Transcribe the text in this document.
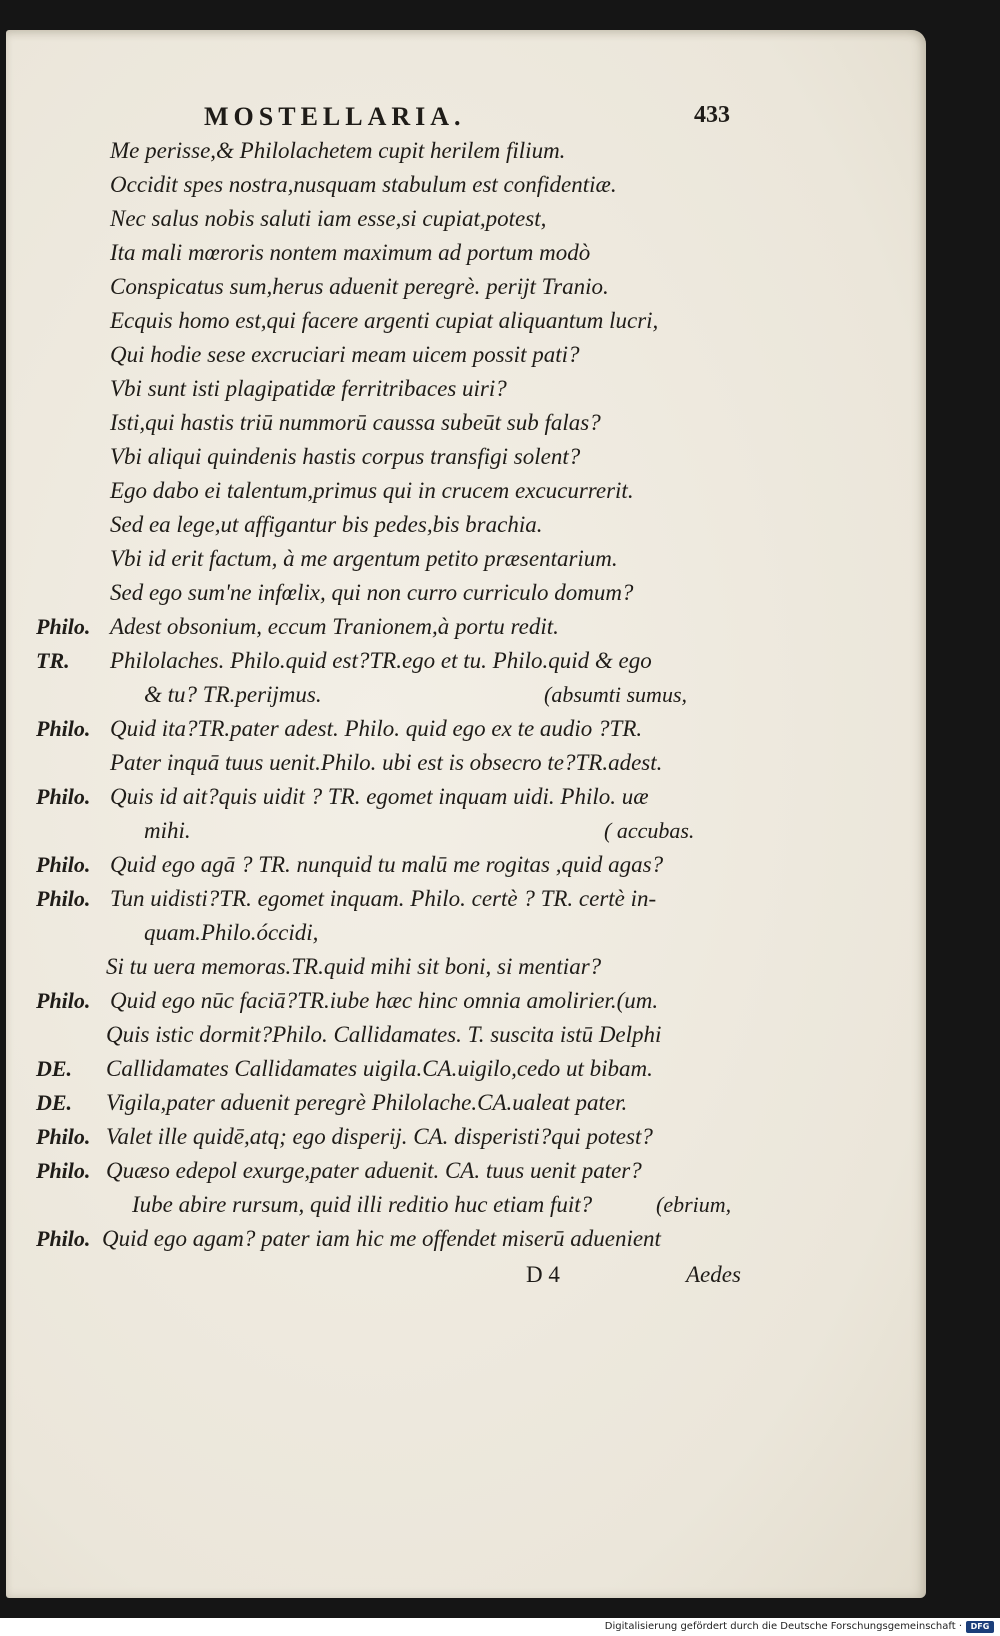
MOSTELLARIA.	433
Me perisse,& Philolachetem cupit herilem filium.
Occidit spes nostra,nusquam stabulum est confidentiæ.
Nec salus nobis saluti iam esse,si cupiat,potest,
Ita mali mœroris nontem maximum ad portum modò
Conspicatus sum,herus aduenit peregrè. perijt Tranio.
Ecquis homo est,qui facere argenti cupiat aliquantum lucri,
Qui hodie sese excruciari meam uicem possit pati?
Vbi sunt isti plagipatidæ ferritribaces uiri?
Isti,qui hastis triū nummorū caussa subeūt sub falas?
Vbi aliqui quindenis hastis corpus transfigi solent?
Ego dabo ei talentum,primus qui in crucem excucurrerit.
Sed ea lege,ut affigantur bis pedes,bis brachia.
Vbi id erit factum, à me argentum petito præsentarium.
Sed ego sum'ne infœlix, qui non curro curriculo domum?
Philo. Adest obsonium, eccum Tranionem,à portu redit.
TR. Philolaches. Philo.quid est?TR.ego et tu. Philo.quid & ego
& tu? TR.perijmus.	(absumti sumus,
Philo. Quid ita?TR.pater adest. Philo. quid ego ex te audio ?TR.
Pater inquā tuus uenit.Philo. ubi est is obsecro te?TR.adest.
Philo. Quis id ait?quis uidit ? TR. egomet inquam uidi. Philo. uæ
mihi.	( accubas.
Philo. Quid ego agā ? TR. nunquid tu malū me rogitas ,quid agas?
Philo. Tun uidisti?TR. egomet inquam. Philo. certè ? TR. certè in-
quam.Philo.óccidi,
Si tu uera memoras.TR.quid mihi sit boni, si mentiar?
Philo. Quid ego nūc faciā?TR.iube hæc hinc omnia amolirier.(um.
Quis istic dormit?Philo. Callidamates. T. suscita istū Delphi
DE. Callidamates Callidamates uigila.CA.uigilo,cedo ut bibam.
DE. Vigila,pater aduenit peregrè Philolache.CA.ualeat pater.
Philo. Valet ille quidē,atq; ego disperij. CA. disperisti?qui potest?
Philo. Quæso edepol exurge,pater aduenit. CA. tuus uenit pater?
Iube abire rursum, quid illi reditio huc etiam fuit?	(ebrium,
Philo. Quid ego agam? pater iam hic me offendet miserū aduenient
D 4	Aedes
Digitalisierung gefördert durch die Deutsche Forschungsgemeinschaft ·	DFG
